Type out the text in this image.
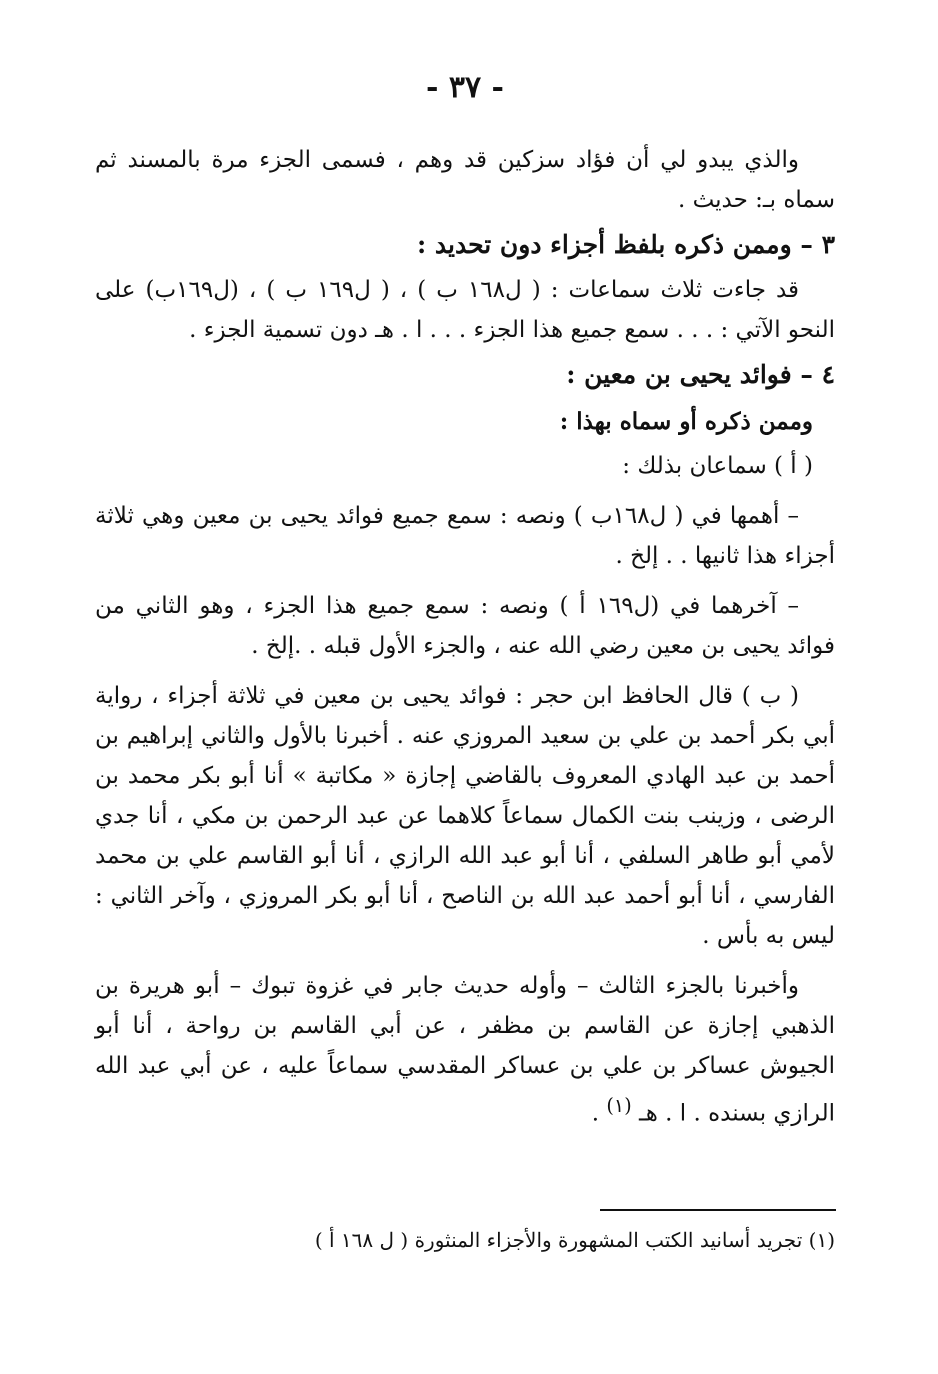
- ٣٧ -

والذي يبدو لي أن فؤاد سزكين قد وهم ، فسمى الجزء مرة بالمسند ثم سماه بـ: حديث .

٣ – وممن ذكره بلفظ أجزاء دون تحديد :

قد جاءت ثلاث سماعات : ( ل١٦٨ ب ) ، ( ل١٦٩ ب ) ، (ل١٦٩ب) على النحو الآتي : . . . سمع جميع هذا الجزء . . . ا . هـ دون تسمية الجزء .

٤ – فوائد يحيى بن معين :
وممن ذكره أو سماه بهذا :

( أ ) سماعان بذلك :

– أهمها في ( ل١٦٨ب ) ونصه : سمع جميع فوائد يحيى بن معين وهي ثلاثة أجزاء هذا ثانيها . . إلخ .

– آخرهما في (ل١٦٩ أ ) ونصه : سمع جميع هذا الجزء ، وهو الثاني من فوائد يحيى بن معين رضي الله عنه ، والجزء الأول قبله . .إلخ .

( ب ) قال الحافظ ابن حجر : فوائد يحيى بن معين في ثلاثة أجزاء ، رواية أبي بكر أحمد بن علي بن سعيد المروزي عنه . أخبرنا بالأول والثاني إبراهيم بن أحمد بن عبد الهادي المعروف بالقاضي إجازة « مكاتبة » أنا أبو بكر محمد بن الرضى ، وزينب بنت الكمال سماعاً كلاهما عن عبد الرحمن بن مكي ، أنا جدي لأمي أبو طاهر السلفي ، أنا أبو عبد الله الرازي ، أنا أبو القاسم علي بن محمد الفارسي ، أنا أبو أحمد عبد الله بن الناصح ، أنا أبو بكر المروزي ، وآخر الثاني : ليس به بأس .

وأخبرنا بالجزء الثالث – وأوله حديث جابر في غزوة تبوك – أبو هريرة بن الذهبي إجازة عن القاسم بن مظفر ، عن أبي القاسم بن رواحة ، أنا أبو الجيوش عساكر بن علي بن عساكر المقدسي سماعاً عليه ، عن أبي عبد الله الرازي بسنده . ا . هـ $^{(١)}$ .

(١) تجريد أسانيد الكتب المشهورة والأجزاء المنثورة ( ل ١٦٨ أ )
